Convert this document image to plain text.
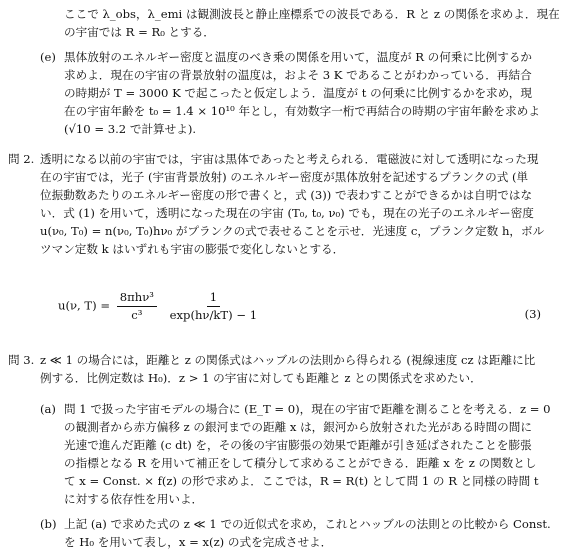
ここで λ_obs，λ_emi は観測波長と静止座標系での波長である．R と z の関係を求めよ．現在
の宇宙では R = R₀ とする．
(e) 黒体放射のエネルギー密度と温度のべき乗の関係を用いて，温度が R の何乗に比例するか
求めよ．現在の宇宙の背景放射の温度は，およそ 3 K であることがわかっている．再結合
の時期が T = 3000 K で起こったと仮定しよう．温度が t の何乗に比例するかを求め，現
在の宇宙年齢を t₀ = 1.4 × 10¹⁰ 年とし，有効数字一桁で再結合の時期の宇宙年齢を求めよ
(√10 = 3.2 で計算せよ).
問 2. 透明になる以前の宇宙では，宇宙は黒体であったと考えられる．電磁波に対して透明になった現
在の宇宙では，光子 (宇宙背景放射) のエネルギー密度が黒体放射を記述するプランクの式 (単
位振動数あたりのエネルギー密度の形で書くと，式 (3)) で表わすことができるかは自明ではな
い．式 (1) を用いて，透明になった現在の宇宙 (T₀, t₀, ν₀) でも，現在の光子のエネルギー密度
u(ν₀, T₀) = n(ν₀, T₀)hν₀ がプランクの式で表せることを示せ．光速度 c，プランク定数 h，ボル
ツマン定数 k はいずれも宇宙の膨張で変化しないとする．
u(ν, $T) = \frac{\text{8πhν³}}{\text{c³}}$
$\frac{1}{\exp(h\nu/kT) - 1}$	(3)
問 3. z ≪ 1 の場合には，距離と z の関係式はハッブルの法則から得られる (視線速度 cz は距離に比
例する．比例定数は H₀)．z > 1 の宇宙に対しても距離と z との関係式を求めたい．
(a) 問 1 で扱った宇宙モデルの場合に (E_T = 0)，現在の宇宙で距離を測ることを考える．z = 0
の観測者から赤方偏移 z の銀河までの距離 x は，銀河から放射された光がある時間の間に
光速で進んだ距離 (c dt) を，その後の宇宙膨張の効果で距離が引き延ばされたことを膨張
の指標となる R を用いて補正をして積分して求めることができる．距離 x を z の関数とし
て x = Const. × f(z) の形で求めよ．ここでは，R = R(t) として問 1 の R と同様の時間 t
に対する依存性を用いよ．
(b) 上記 (a) で求めた式の z ≪ 1 での近似式を求め，これとハッブルの法則との比較から Const.
を H₀ を用いて表し，x = x(z) の式を完成させよ．
